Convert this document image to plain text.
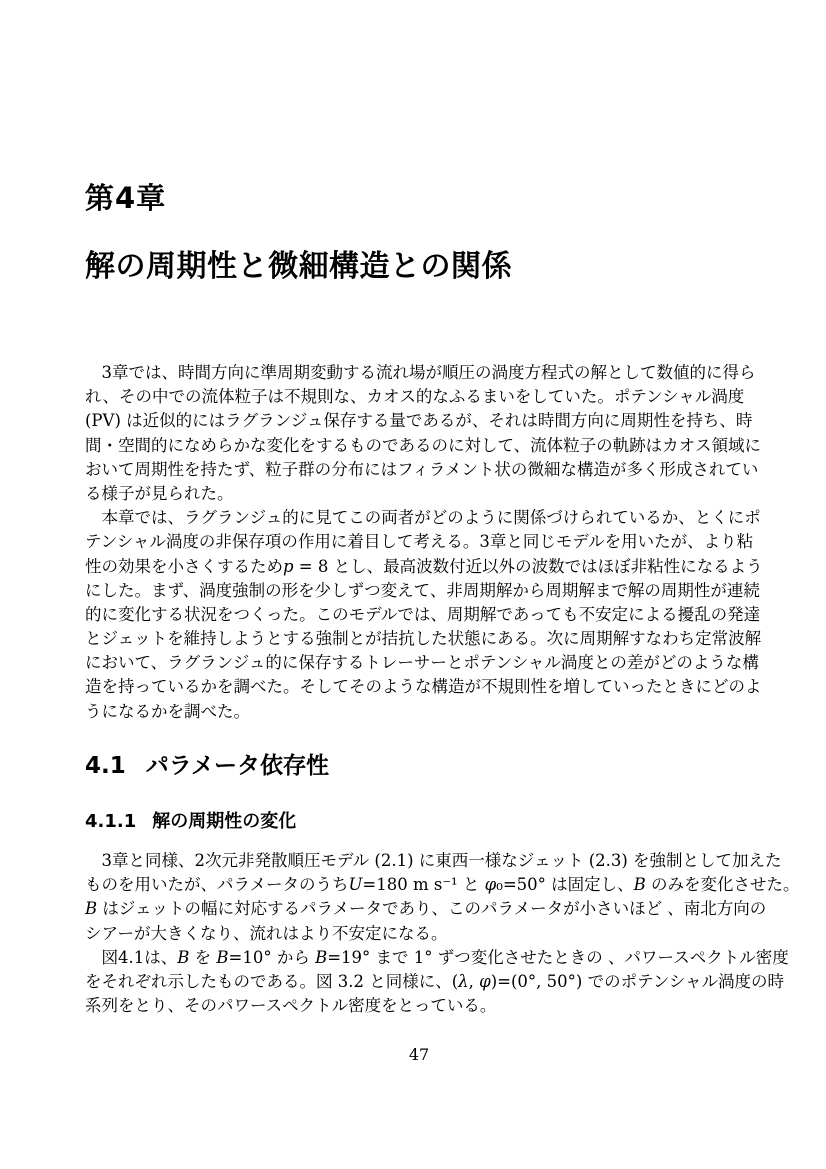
第4章
解の周期性と微細構造との関係
　3章では、時間方向に準周期変動する流れ場が順圧の渦度方程式の解として数値的に得ら
れ、その中での流体粒子は不規則な、カオス的なふるまいをしていた。ポテンシャル渦度
(PV) は近似的にはラグランジュ保存する量であるが、それは時間方向に周期性を持ち、時
間・空間的になめらかな変化をするものであるのに対して、流体粒子の軌跡はカオス領域に
おいて周期性を持たず、粒子群の分布にはフィラメント状の微細な構造が多く形成されてい
る様子が見られた。
　本章では、ラグランジュ的に見てこの両者がどのように関係づけられているか、とくにポ
テンシャル渦度の非保存項の作用に着目して考える。3章と同じモデルを用いたが、より粘
性の効果を小さくするためp = 8 とし、最高波数付近以外の波数ではほぼ非粘性になるよう
にした。まず、渦度強制の形を少しずつ変えて、非周期解から周期解まで解の周期性が連続
的に変化する状況をつくった。このモデルでは、周期解であっても不安定による擾乱の発達
とジェットを維持しようとする強制とが拮抗した状態にある。次に周期解すなわち定常波解
において、ラグランジュ的に保存するトレーサーとポテンシャル渦度との差がどのような構
造を持っているかを調べた。そしてそのような構造が不規則性を増していったときにどのよ
うになるかを調べた。
4.1 パラメータ依存性
4.1.1 解の周期性の変化
　3章と同様、2次元非発散順圧モデル (2.1) に東西一様なジェット (2.3) を強制として加えた
ものを用いたが、パラメータのうちU=180 m s⁻¹ と φ₀=50° は固定し、B のみを変化させた。
B はジェットの幅に対応するパラメータであり、このパラメータが小さいほど 、南北方向の
シアーが大きくなり、流れはより不安定になる。
　図4.1は、B を B=10° から B=19° まで 1° ずつ変化させたときの 、パワースペクトル密度
をそれぞれ示したものである。図 3.2 と同様に、(λ, φ)=(0°, 50°) でのポテンシャル渦度の時
系列をとり、そのパワースペクトル密度をとっている。
47
